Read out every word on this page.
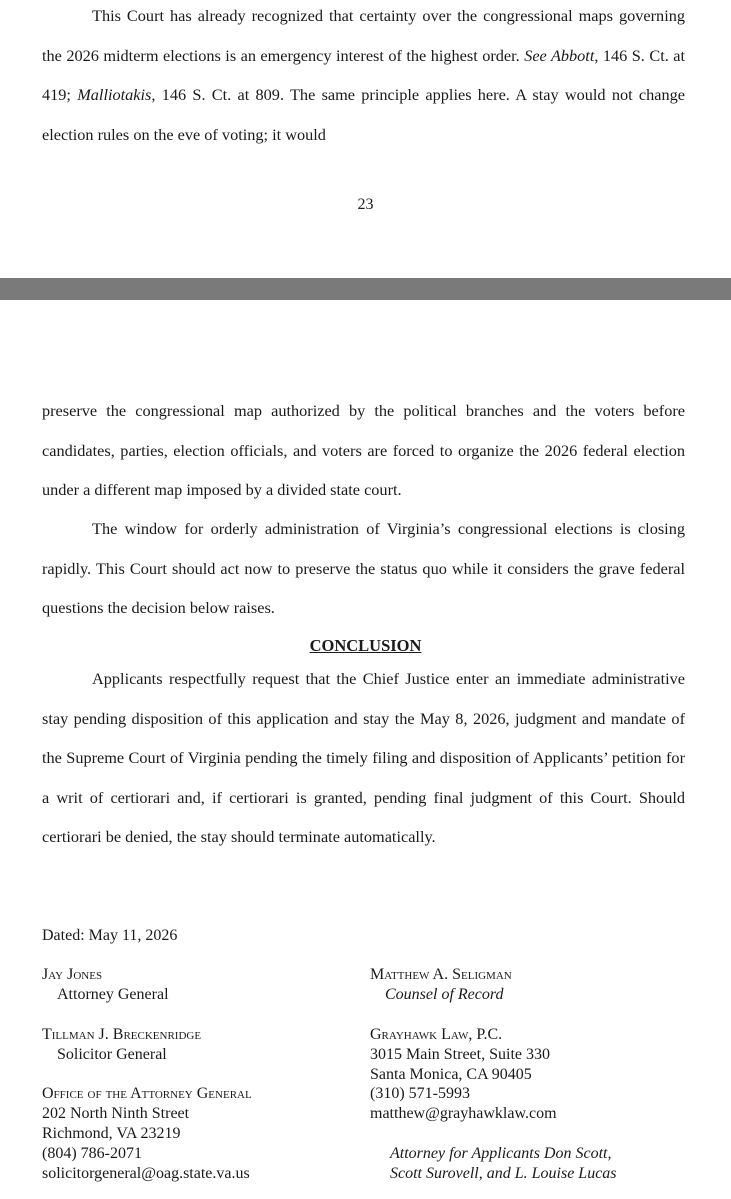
This Court has already recognized that certainty over the congressional maps governing the 2026 midterm elections is an emergency interest of the highest order. See Abbott, 146 S. Ct. at 419; Malliotakis, 146 S. Ct. at 809. The same principle applies here. A stay would not change election rules on the eve of voting; it would

23

preserve the congressional map authorized by the political branches and the voters before candidates, parties, election officials, and voters are forced to organize the 2026 federal election under a different map imposed by a divided state court.

The window for orderly administration of Virginia’s congressional elections is closing rapidly. This Court should act now to preserve the status quo while it considers the grave federal questions the decision below raises.

CONCLUSION

Applicants respectfully request that the Chief Justice enter an immediate administrative stay pending disposition of this application and stay the May 8, 2026, judgment and mandate of the Supreme Court of Virginia pending the timely filing and disposition of Applicants’ petition for a writ of certiorari and, if certiorari is granted, pending final judgment of this Court. Should certiorari be denied, the stay should terminate automatically.

Dated: May 11, 2026

Jay Jones

Attorney General

Tillman J. Breckenridge

Solicitor General

Office of the Attorney General

202 North Ninth Street

Richmond, VA 23219

(804) 786-2071

solicitorgeneral@oag.state.va.us

Matthew A. Seligman

Counsel of Record

Grayhawk Law, P.C.

3015 Main Street, Suite 330

Santa Monica, CA 90405

(310) 571-5993

matthew@grayhawklaw.com

Attorney for Applicants Don Scott,

Scott Surovell, and L. Louise Lucas
